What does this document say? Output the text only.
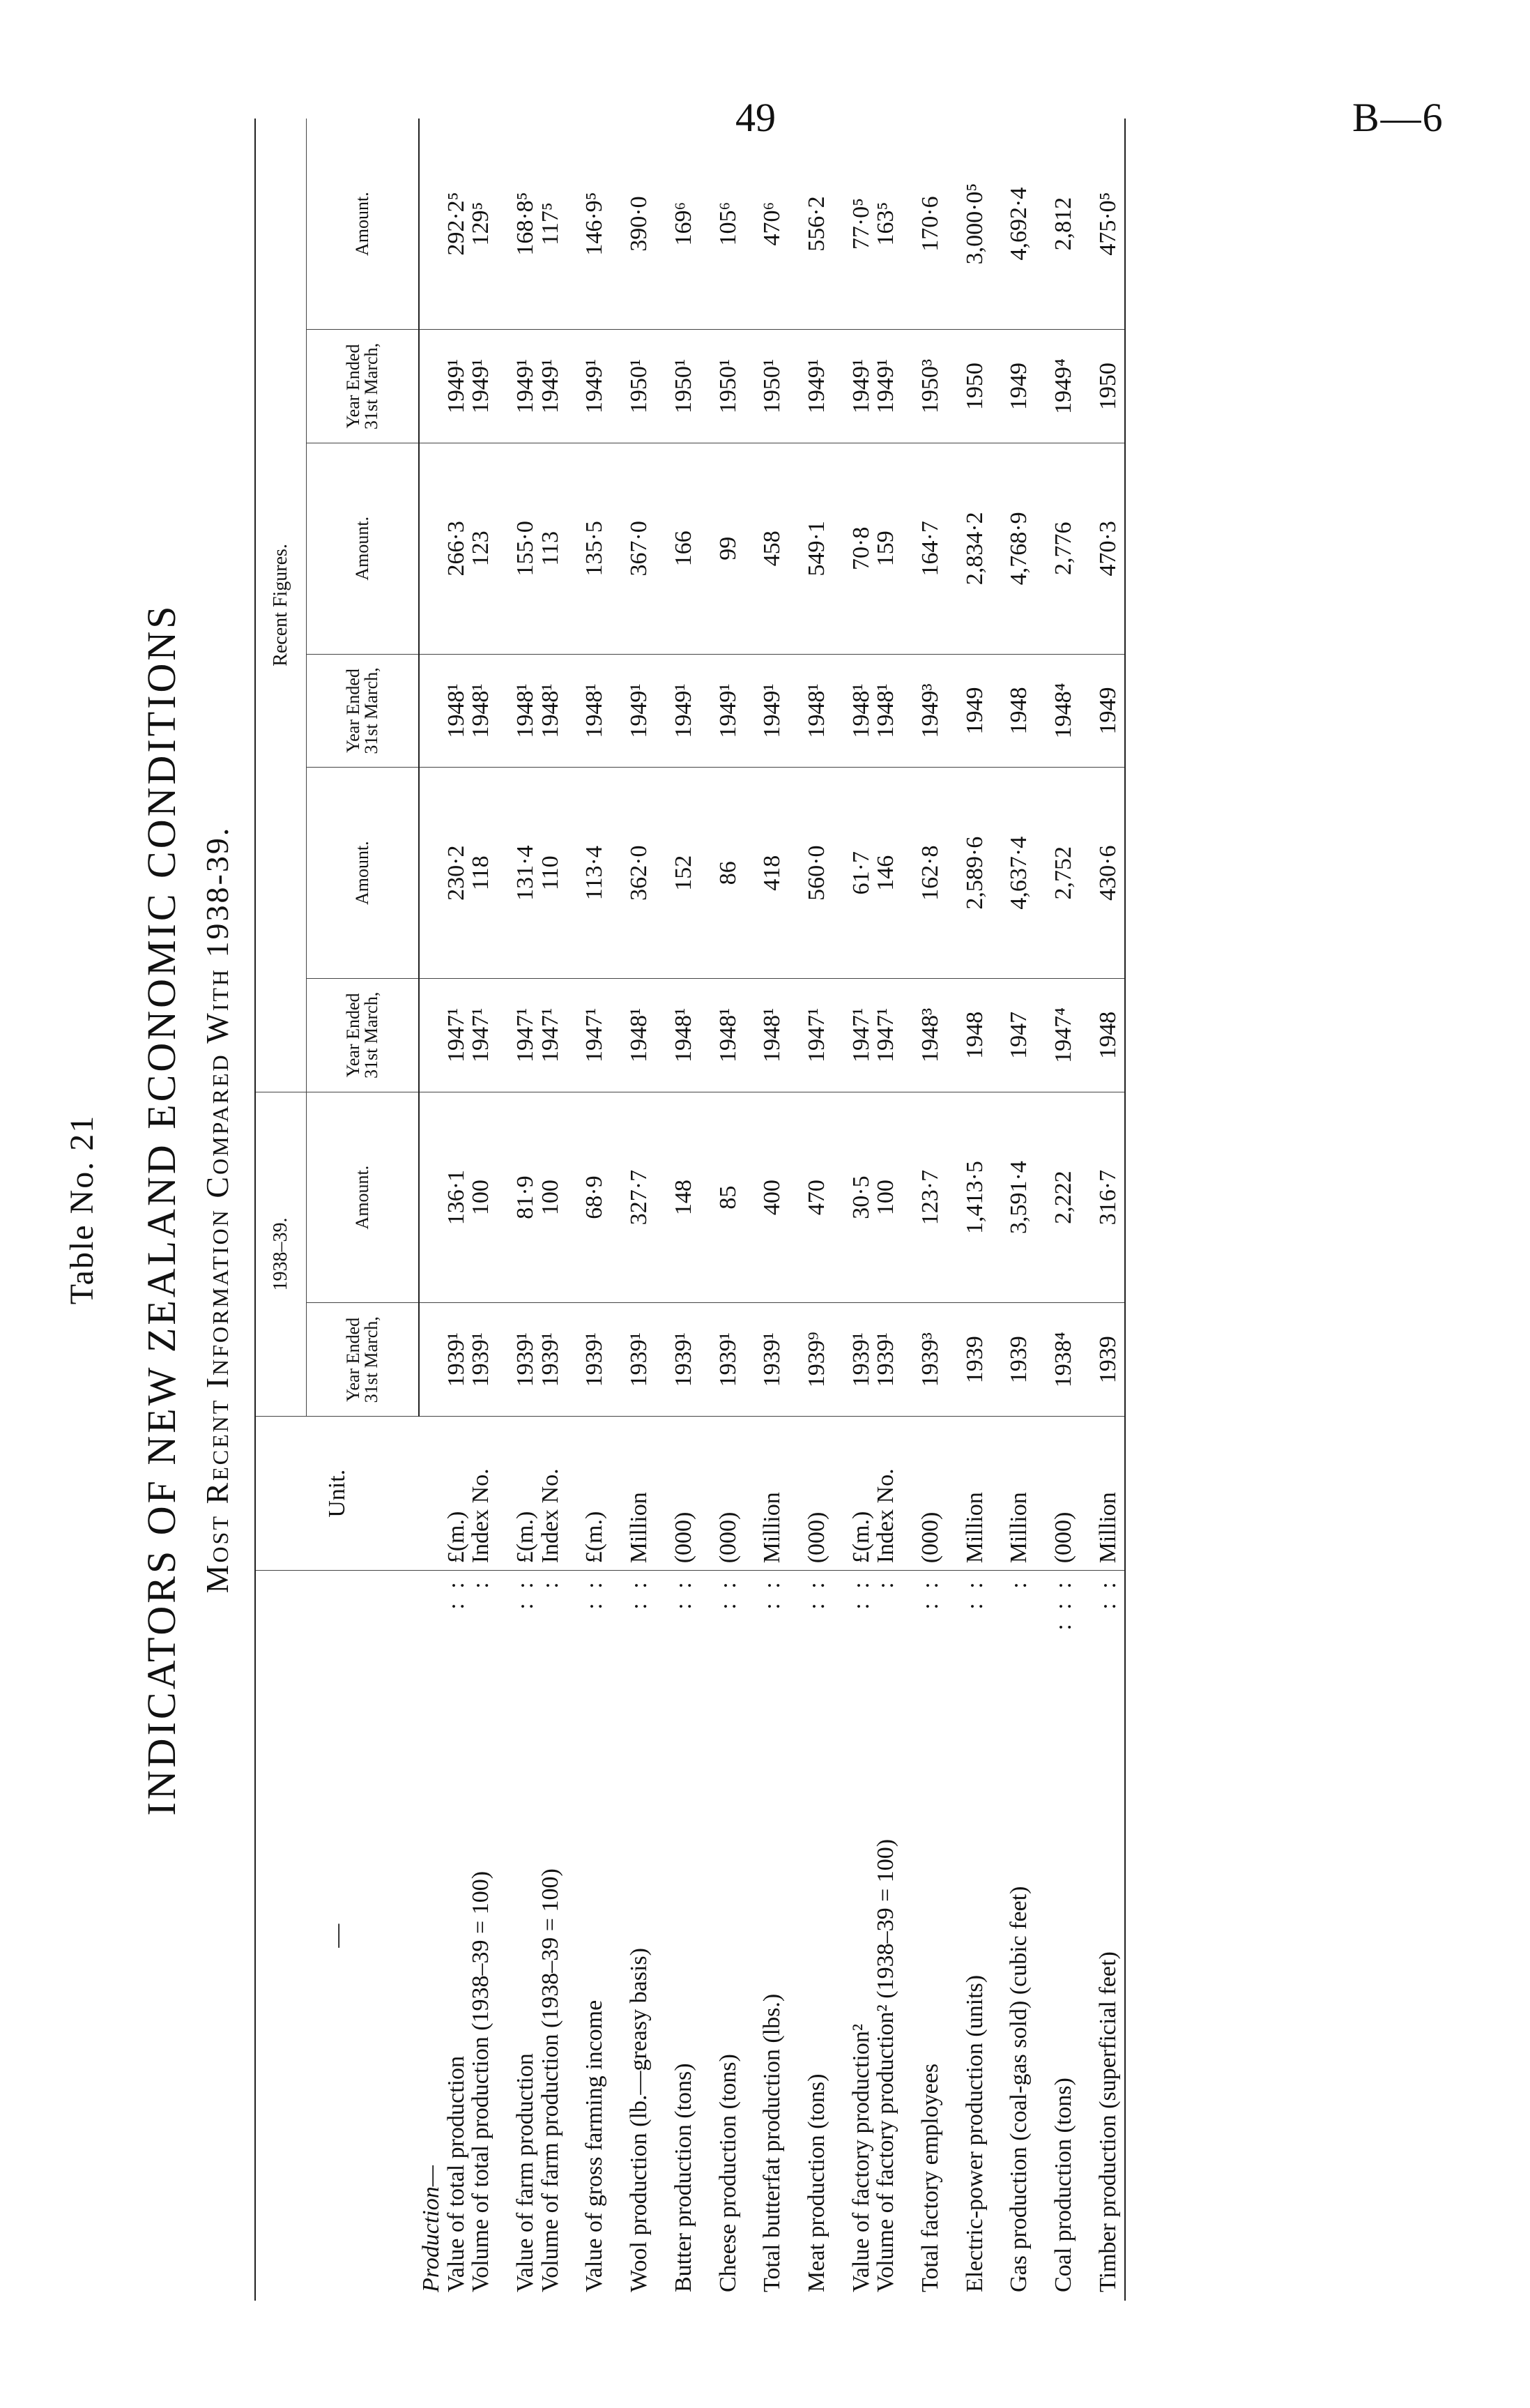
49	B—6
Table No. 21 INDICATORS OF NEW ZEALAND ECONOMIC CONDITIONS Most Recent Information Compared With 1938-39.
—		Unit.	1938–39.		Recent Figures.					
			Year Ended 31st March,	Amount.	Year Ended 31st March,	Amount.	Year Ended 31st March,	Amount.	Year Ended 31st March,	Amount.
Production—										
Value of total production	: :	£(m.)	1939¹	136·1	1947¹	230·2	1948¹	266·3	1949¹	292·2⁵
Volume of total production (1938–39 = 100)	:	Index No.	1939¹	100	1947¹	118	1948¹	123	1949¹	129⁵
Value of farm production	: :	£(m.)	1939¹	81·9	1947¹	131·4	1948¹	155·0	1949¹	168·8⁵
Volume of farm production (1938–39 = 100)	:	Index No.	1939¹	100	1947¹	110	1948¹	113	1949¹	117⁵
Value of gross farming income	: :	£(m.)	1939¹	68·9	1947¹	113·4	1948¹	135·5	1949¹	146·9⁵
Wool production (lb.—greasy basis)	: :	Million	1939¹	327·7	1948¹	362·0	1949¹	367·0	1950¹	390·0
Butter production (tons)	: :	(000)	1939¹	148	1948¹	152	1949¹	166	1950¹	169⁶
Cheese production (tons)	: :	(000)	1939¹	85	1948¹	86	1949¹	99	1950¹	105⁶
Total butterfat production (lbs.)	: :	Million	1939¹	400	1948¹	418	1949¹	458	1950¹	470⁶
Meat production (tons)	: :	(000)	1939⁹	470	1947¹	560·0	1948¹	549·1	1949¹	556·2
Value of factory production²	: :	£(m.)	1939¹	30·5	1947¹	61·7	1948¹	70·8	1949¹	77·0⁵
Volume of factory production² (1938–39 = 100)	:	Index No.	1939¹	100	1947¹	146	1948¹	159	1949¹	163⁵
Total factory employees	: :	(000)	1939³	123·7	1948³	162·8	1949³	164·7	1950³	170·6
Electric-power production (units)	: :	Million	1939	1,413·5	1948	2,589·6	1949	2,834·2	1950	3,000·0⁵
Gas production (coal-gas sold) (cubic feet)	:	Million	1939	3,591·4	1947	4,637·4	1948	4,768·9	1949	4,692·4
Coal production (tons)	: : :	(000)	1938⁴	2,222	1947⁴	2,752	1948⁴	2,776	1949⁴	2,812
Timber production (superficial feet)	: :	Million	1939	316·7	1948	430·6	1949	470·3	1950	475·0⁵
